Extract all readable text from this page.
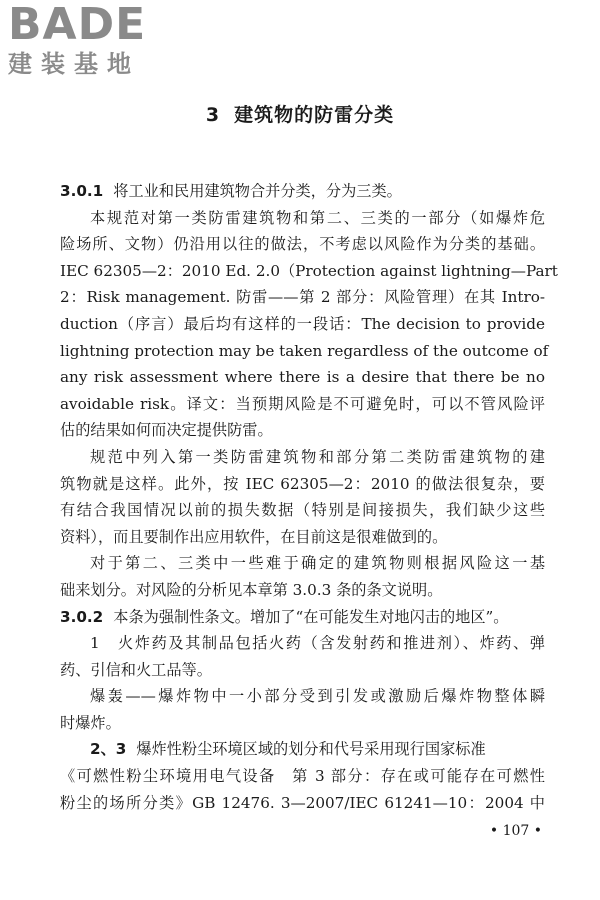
BADE
建装基地
3 建筑物的防雷分类
3.0.1 将工业和民用建筑物合并分类，分为三类。
本规范对第一类防雷建筑物和第二、三类的一部分（如爆炸危
险场所、文物）仍沿用以往的做法，不考虑以风险作为分类的基础。
IEC 62305—2：2010 Ed. 2.0（Protection against lightning—Part
2：Risk management. 防雷——第 2 部分：风险管理）在其 Intro-
duction（序言）最后均有这样的一段话：The decision to provide
lightning protection may be taken regardless of the outcome of
any risk assessment where there is a desire that there be no
avoidable risk。译文：当预期风险是不可避免时，可以不管风险评
估的结果如何而决定提供防雷。
规范中列入第一类防雷建筑物和部分第二类防雷建筑物的建
筑物就是这样。此外，按 IEC 62305—2：2010 的做法很复杂，要
有结合我国情况以前的损失数据（特别是间接损失，我们缺少这些
资料），而且要制作出应用软件，在目前这是很难做到的。
对于第二、三类中一些难于确定的建筑物则根据风险这一基
础来划分。对风险的分析见本章第 3.0.3 条的条文说明。
3.0.2 本条为强制性条文。增加了“在可能发生对地闪击的地区”。
1　火炸药及其制品包括火药（含发射药和推进剂）、炸药、弹
药、引信和火工品等。
爆轰——爆炸物中一小部分受到引发或激励后爆炸物整体瞬
时爆炸。
2、3 爆炸性粉尘环境区域的划分和代号采用现行国家标准
《可燃性粉尘环境用电气设备　第 3 部分：存在或可能存在可燃性
粉尘的场所分类》GB 12476. 3—2007/IEC 61241—10：2004 中
• 107 •
